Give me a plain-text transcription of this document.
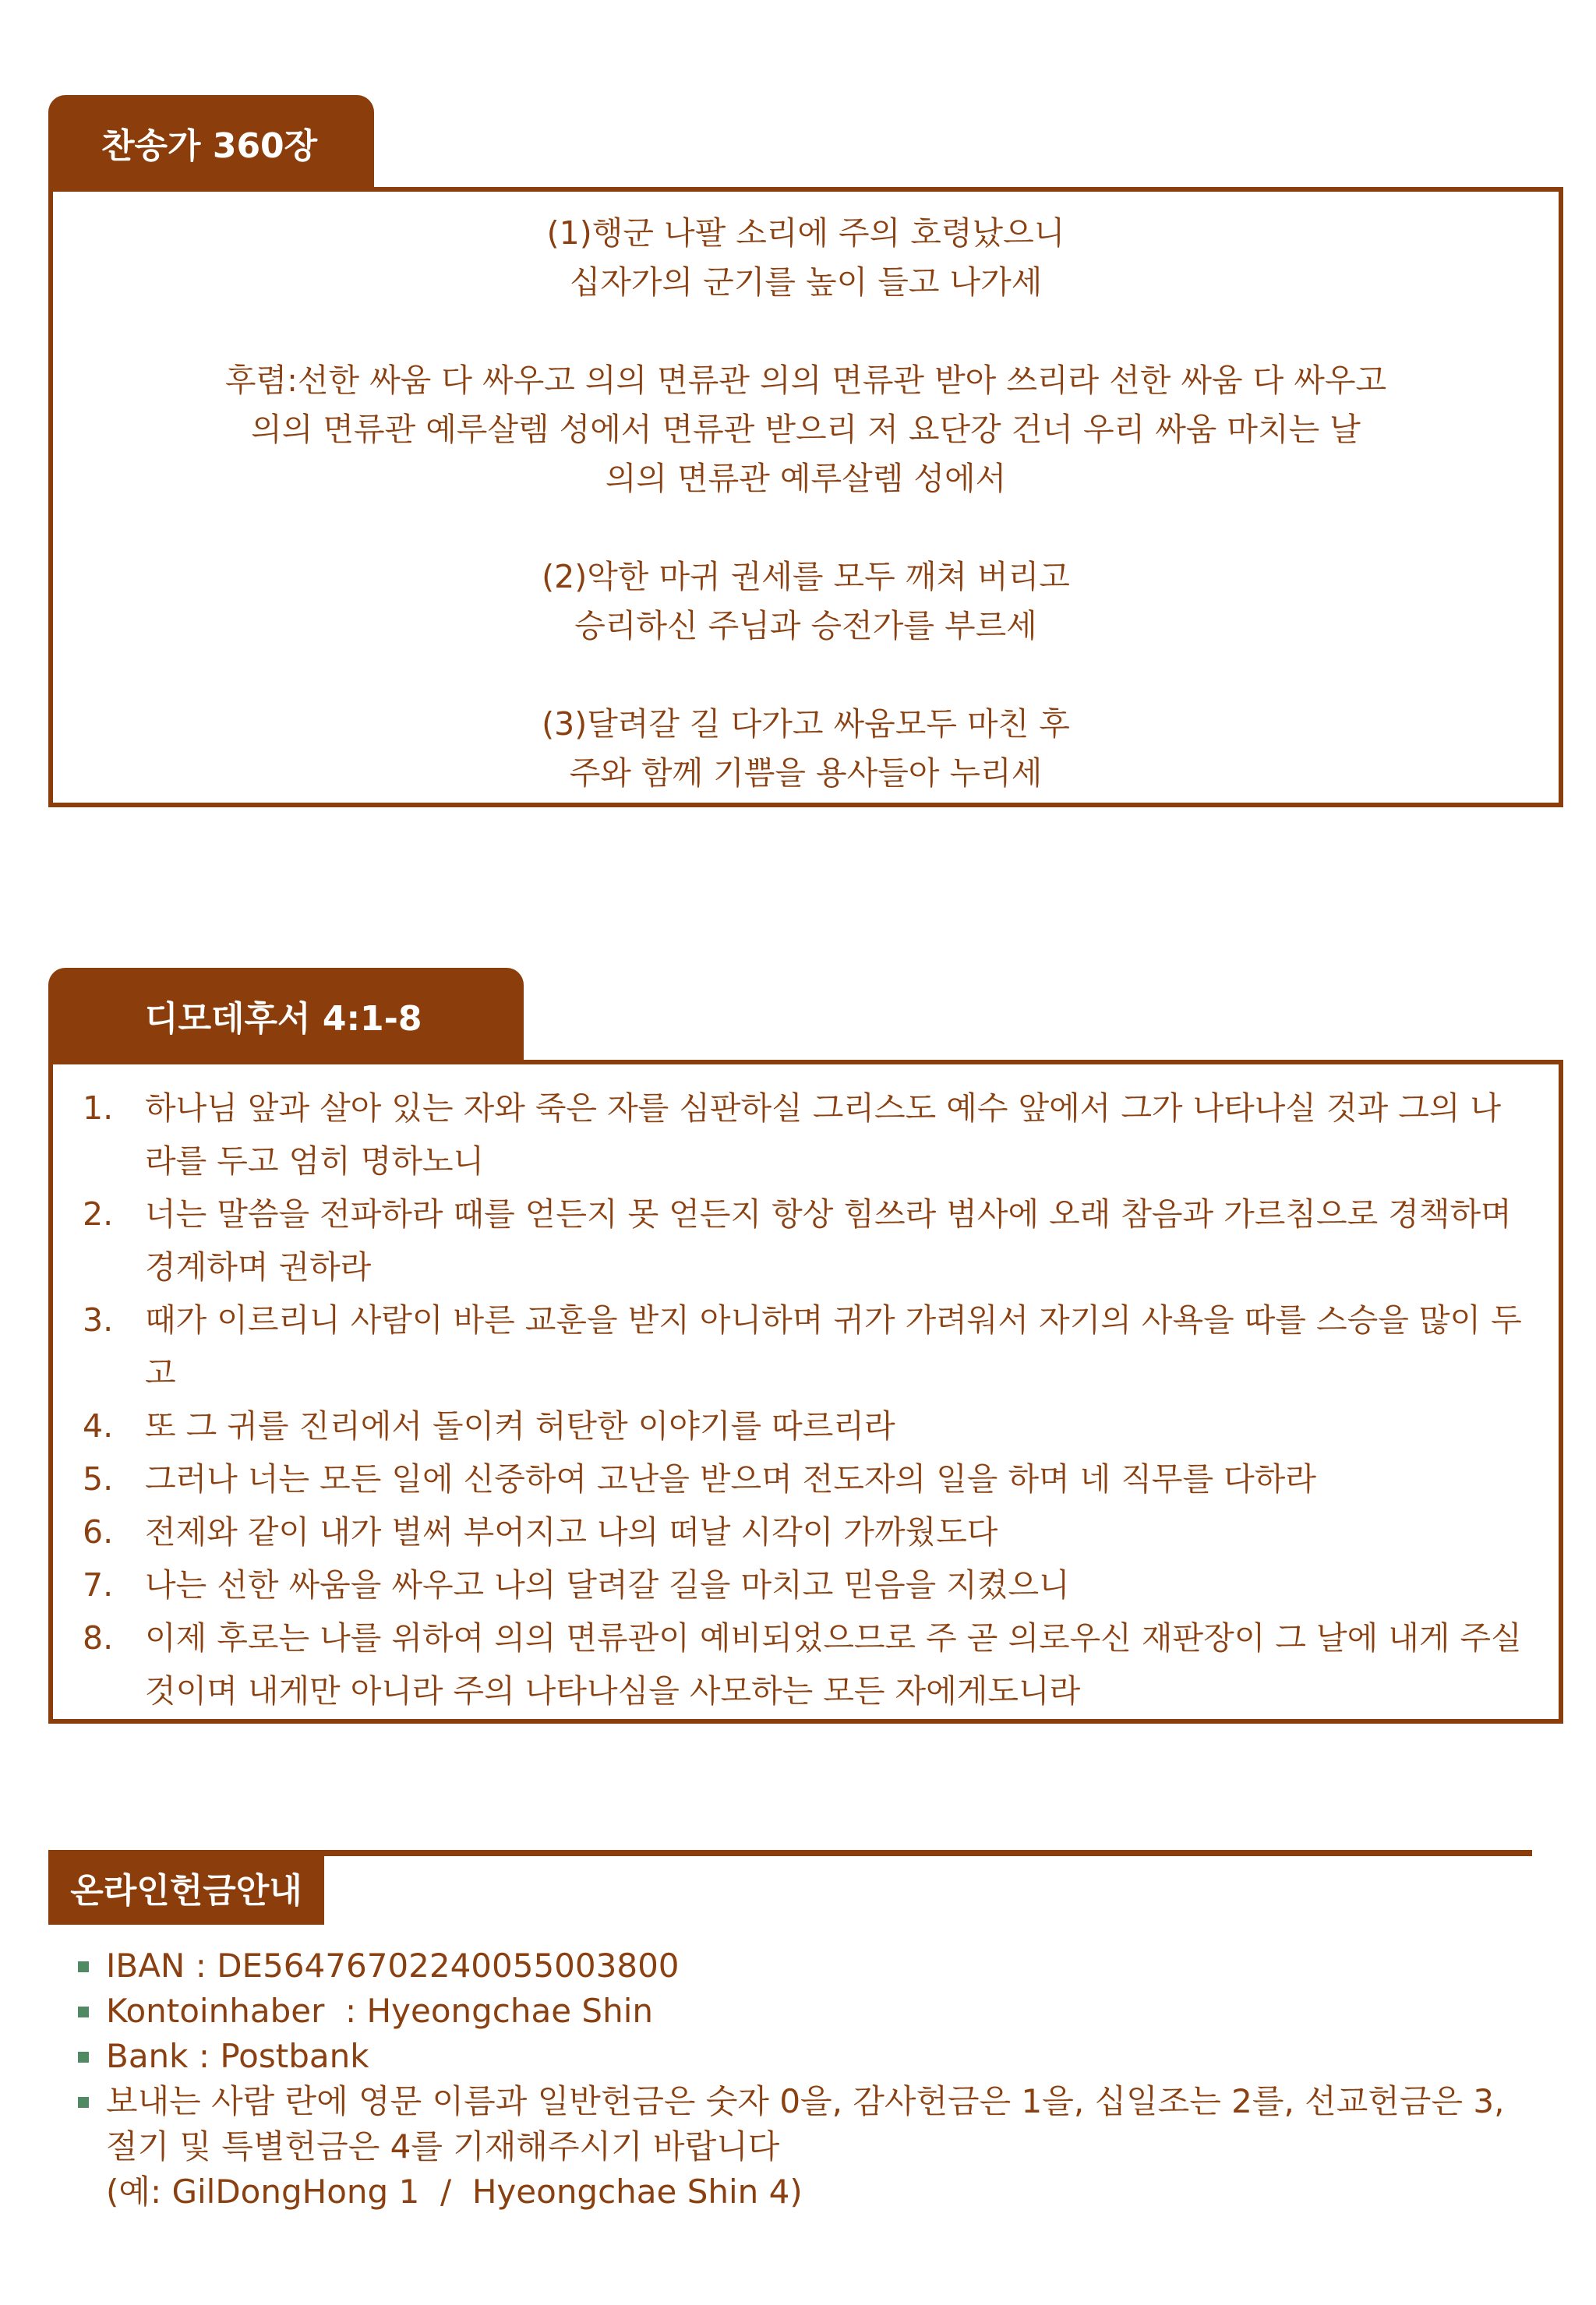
찬송가 360장
(1)행군 나팔 소리에 주의 호령났으니
십자가의 군기를 높이 들고 나가세
후렴:선한 싸움 다 싸우고 의의 면류관 의의 면류관 받아 쓰리라 선한 싸움 다 싸우고
의의 면류관 예루살렘 성에서 면류관 받으리 저 요단강 건너 우리 싸움 마치는 날
의의 면류관 예루살렘 성에서
(2)악한 마귀 권세를 모두 깨쳐 버리고
승리하신 주님과 승전가를 부르세
(3)달려갈 길 다가고 싸움모두 마친 후
주와 함께 기쁨을 용사들아 누리세
디모데후서 4:1-8
1. 하나님 앞과 살아 있는 자와 죽은 자를 심판하실 그리스도 예수 앞에서 그가 나타나실 것과 그의 나라를 두고 엄히 명하노니
2. 너는 말씀을 전파하라 때를 얻든지 못 얻든지 항상 힘쓰라 범사에 오래 참음과 가르침으로 경책하며 경계하며 권하라
3. 때가 이르리니 사람이 바른 교훈을 받지 아니하며 귀가 가려워서 자기의 사욕을 따를 스승을 많이 두고
4. 또 그 귀를 진리에서 돌이켜 허탄한 이야기를 따르리라
5. 그러나 너는 모든 일에 신중하여 고난을 받으며 전도자의 일을 하며 네 직무를 다하라
6. 전제와 같이 내가 벌써 부어지고 나의 떠날 시각이 가까웠도다
7. 나는 선한 싸움을 싸우고 나의 달려갈 길을 마치고 믿음을 지켰으니
8. 이제 후로는 나를 위하여 의의 면류관이 예비되었으므로 주 곧 의로우신 재판장이 그 날에 내게 주실 것이며 내게만 아니라 주의 나타나심을 사모하는 모든 자에게도니라
온라인헌금안내
IBAN : DE56476702240055003800
Kontoinhaber  : Hyeongchae Shin
Bank : Postbank
보내는 사람 란에 영문 이름과 일반헌금은 숫자 0을, 감사헌금은 1을, 십일조는 2를, 선교헌금은 3, 절기 및 특별헌금은 4를 기재해주시기 바랍니다
(예: GilDongHong 1  /  Hyeongchae Shin 4)
